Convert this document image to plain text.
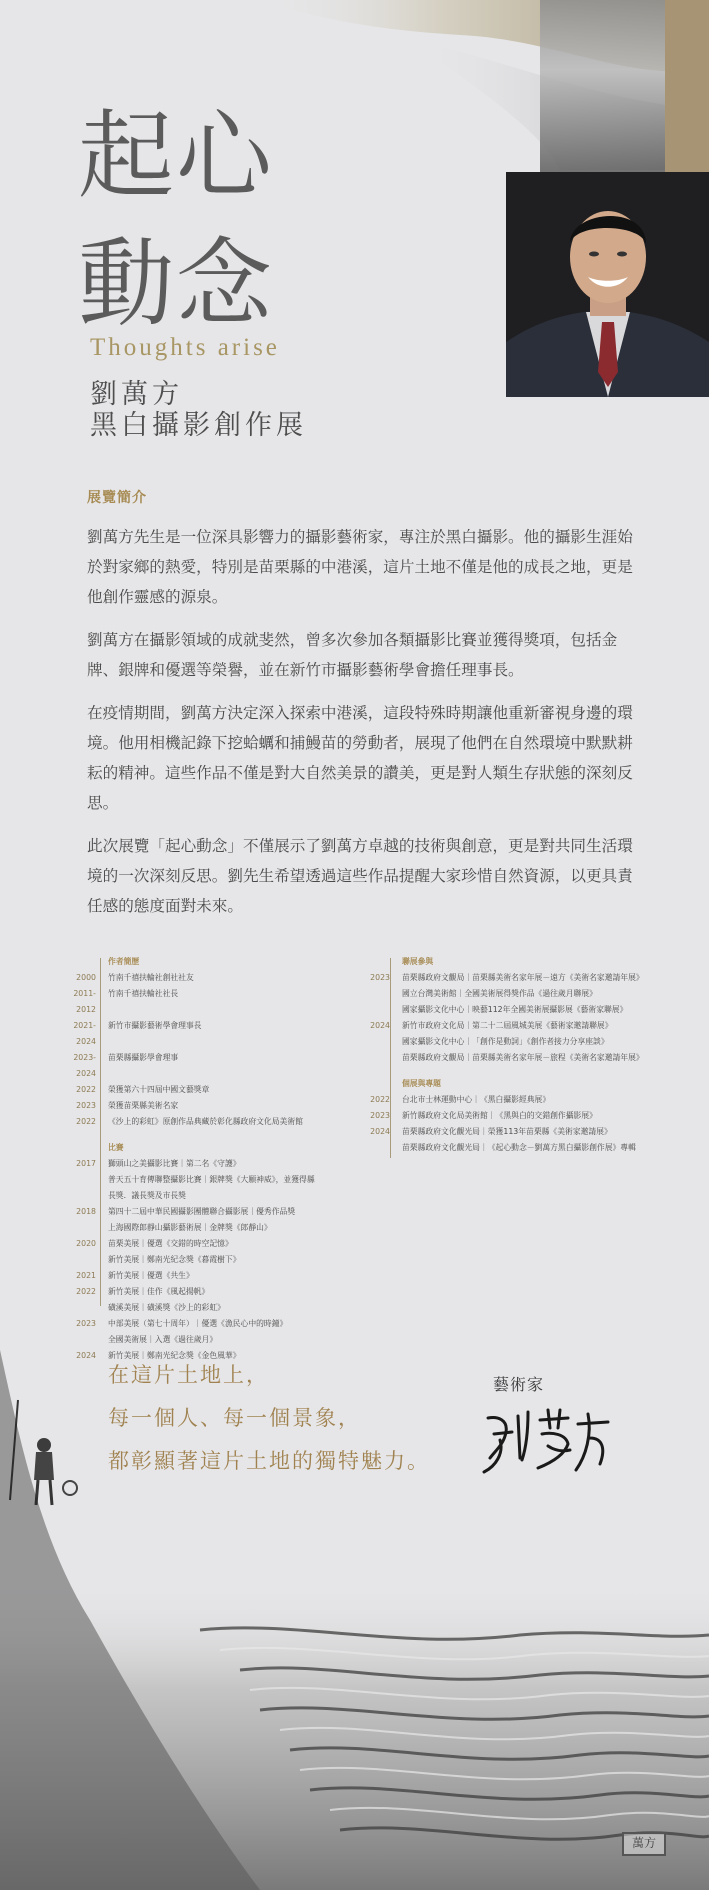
起心
動念
Thoughts arise
劉萬方
黑白攝影創作展
展覽簡介

劉萬方先生是一位深具影響力的攝影藝術家，專注於黑白攝影。他的攝影生涯始於對家鄉的熱愛，特別是苗栗縣的中港溪，這片土地不僅是他的成長之地，更是他創作靈感的源泉。

劉萬方在攝影領域的成就斐然，曾多次參加各類攝影比賽並獲得獎項，包括金牌、銀牌和優選等榮譽，並在新竹市攝影藝術學會擔任理事長。

在疫情期間，劉萬方決定深入探索中港溪，這段特殊時期讓他重新審視身邊的環境。他用相機記錄下挖蛤蠣和捕鰻苗的勞動者，展現了他們在自然環境中默默耕耘的精神。這些作品不僅是對大自然美景的讚美，更是對人類生存狀態的深刻反思。

此次展覽「起心動念」不僅展示了劉萬方卓越的技術與創意，更是對共同生活環境的一次深刻反思。劉先生希望透過這些作品提醒大家珍惜自然資源，以更具責任感的態度面對未來。

作者簡歷
2000 竹南千禧扶輪社創社社友
2011-2012
竹南千禧扶輪社社長
2021-2024
新竹市攝影藝術學會理事長
2023-2024
苗栗縣攝影學會理事
2022 榮獲第六十四屆中國文藝獎章
2023 榮獲苗栗縣美術名家
2022 《沙上的彩虹》原創作品典藏於彰化縣政府文化局美術館
比賽
2017 獅頭山之美攝影比賽｜第二名《守護》
普天五十育傳聯整攝影比賽｜銀牌獎《大願神威》，並獲得縣
長獎．議長獎及市長獎
2018 第四十二屆中華民國攝影團體聯合攝影展｜優秀作品獎
上海國際郎靜山攝影藝術展｜金牌獎《郎靜山》
2020 苗栗美展｜優選《交錯的時空記憶》
新竹美展｜鄭南光紀念獎《暮霞樹下》
2021 新竹美展｜優選《共生》
2022 新竹美展｜佳作《風起揚帆》
磺溪美展｜磺溪獎《沙上的彩虹》
2023 中部美展（第七十周年）｜優選《漁民心中的時鐘》
全國美術展｜入選《過往歲月》
2024 新竹美展｜鄭南光紀念獎《金色風華》
聯展參與
2023 苗栗縣政府文觀局｜苗栗縣美術名家年展－遠方《美術名家邀請年展》
國立台灣美術館｜全國美術展得獎作品《過往歲月聯展》
國家攝影文化中心｜映藝112年全國美術展攝影展《藝術家聯展》
2024 新竹市政府文化局｜第二十二屆風城美展《藝術家邀請聯展》
國家攝影文化中心｜「創作是動詞」《創作者接力分享座談》
苗栗縣政府文觀局｜苗栗縣美術名家年展－旅程《美術名家邀請年展》
個展與專題
2022 台北市士林運動中心｜《黑白攝影經典展》
2023 新竹縣政府文化局美術館｜《黑與白的交錯創作攝影展》
2024 苗栗縣政府文化觀光局｜榮獲113年苗栗縣《美術家邀請展》
苗栗縣政府文化觀光局｜《起心動念－劉萬方黑白攝影創作展》專輯
在這片土地上，
每一個人、每一個景象，
都彰顯著這片土地的獨特魅力。
藝術家
萬方
